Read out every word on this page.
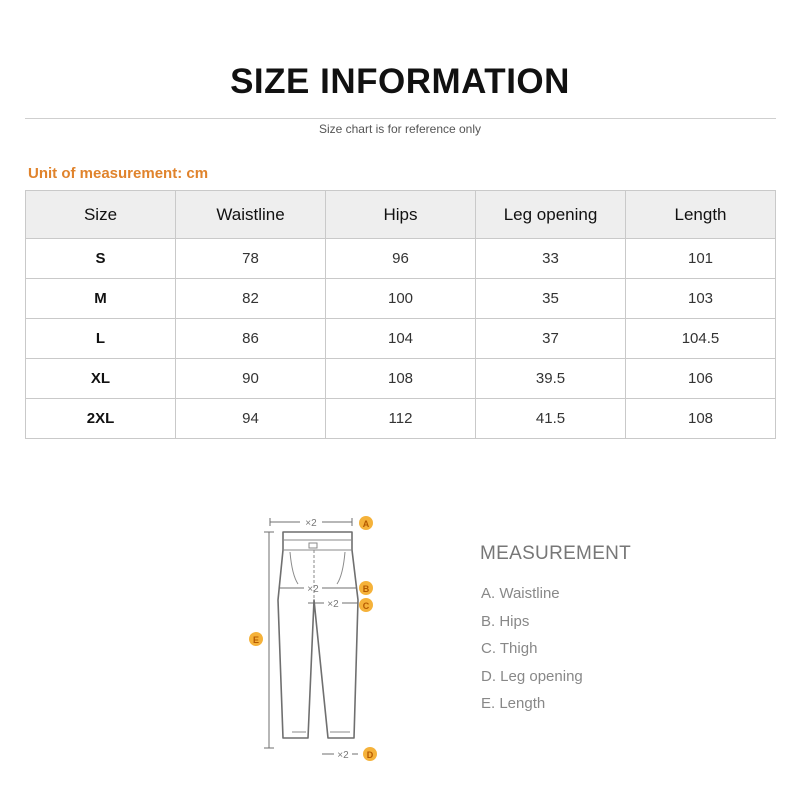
SIZE INFORMATION
Size chart is for reference only
Unit of measurement: cm
Size	Waistline	Hips	Leg opening	Length
S	78	96	33	101
M	82	100	35	103
L	86	104	37	104.5
XL	90	108	39.5	106
2XL	94	112	41.5	108
×2
×2
×2
×2
A
B
C
D
E
MEASUREMENT
A. Waistline
B. Hips
C. Thigh
D. Leg opening
E. Length
